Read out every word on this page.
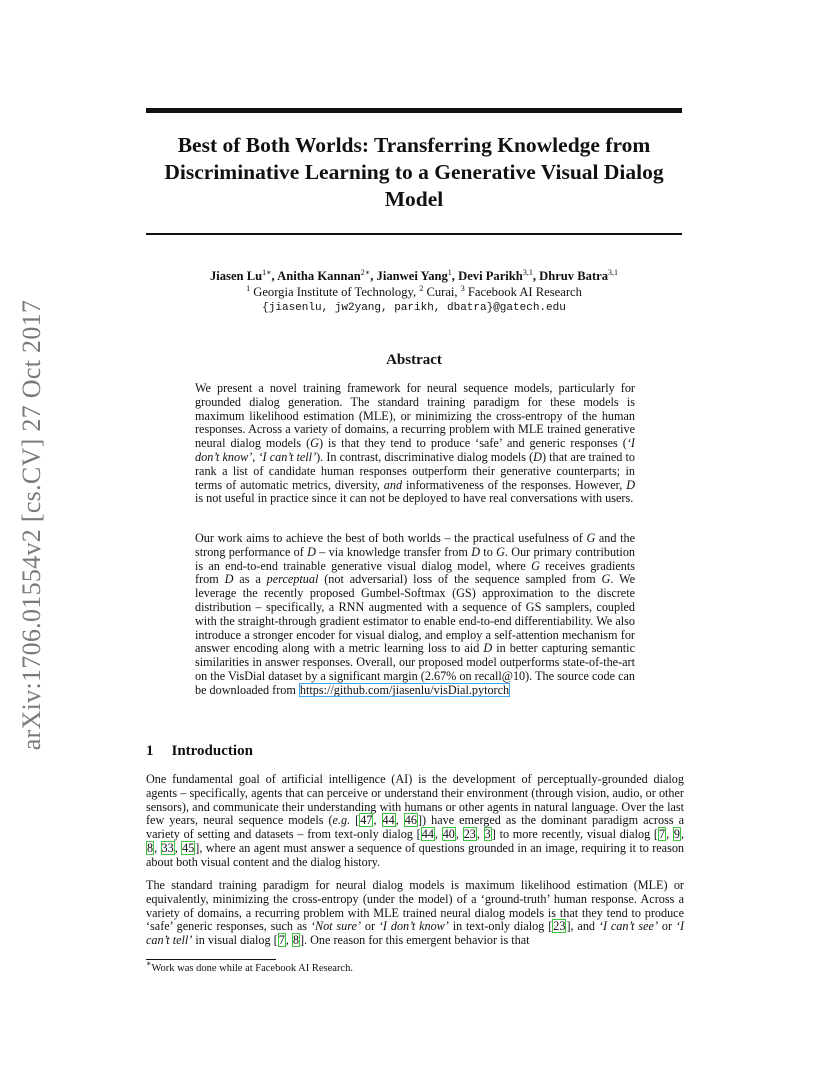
arXiv:1706.01554v2 [cs.CV] 27 Oct 2017
Best of Both Worlds: Transferring Knowledge from Discriminative Learning to a Generative Visual Dialog Model
Jiasen $Lu^{1∗}$, Anitha Kannan$^{2∗}$, Jianwei Yang$^1$, Devi Parikh$^{3,1}$, Dhruv Batra$^{3,1}$
$^1$ Georgia Institute of Technology, $^2$ Curai, $^3$ Facebook AI Research
{jiasenlu, jw2yang, parikh, dbatra}@gatech.edu
Abstract

We present a novel training framework for neural sequence models, particularly for grounded dialog generation. The standard training paradigm for these models is maximum likelihood estimation (MLE), or minimizing the cross-entropy of the human responses. Across a variety of domains, a recurring problem with MLE trained generative neural dialog models (G) is that they tend to produce ‘safe’ and generic responses (‘I don’t know’, ‘I can’t tell’). In contrast, discriminative dialog models (D) that are trained to rank a list of candidate human responses outperform their generative counterparts; in terms of automatic metrics, diversity, and informativeness of the responses. However, D is not useful in practice since it can not be deployed to have real conversations with users.

Our work aims to achieve the best of both worlds – the practical usefulness of G and the strong performance of D – via knowledge transfer from D to G. Our primary contribution is an end-to-end trainable generative visual dialog model, where G receives gradients from D as a perceptual (not adversarial) loss of the sequence sampled from G. We leverage the recently proposed Gumbel-Softmax (GS) approximation to the discrete distribution – specifically, a RNN augmented with a sequence of GS samplers, coupled with the straight-through gradient estimator to enable end-to-end differentiability. We also introduce a stronger encoder for visual dialog, and employ a self-attention mechanism for answer encoding along with a metric learning loss to aid D in better capturing semantic similarities in answer responses. Overall, our proposed model outperforms state-of-the-art on the VisDial dataset by a significant margin (2.67% on recall@10). The source code can be downloaded from https://github.com/jiasenlu/visDial.pytorch

1 Introduction

One fundamental goal of artificial intelligence (AI) is the development of perceptually-grounded dialog agents – specifically, agents that can perceive or understand their environment (through vision, audio, or other sensors), and communicate their understanding with humans or other agents in natural language. Over the last few years, neural sequence models (e.g. [47, 44, 46]) have emerged as the dominant paradigm across a variety of setting and datasets – from text-only dialog [44, 40, 23, 3] to more recently, visual dialog [7, 9, 8, 33, 45], where an agent must answer a sequence of questions grounded in an image, requiring it to reason about both visual content and the dialog history.

The standard training paradigm for neural dialog models is maximum likelihood estimation (MLE) or equivalently, minimizing the cross-entropy (under the model) of a ‘ground-truth’ human response. Across a variety of domains, a recurring problem with MLE trained neural dialog models is that they tend to produce ‘safe’ generic responses, such as ‘Not sure’ or ‘I don’t know’ in text-only dialog [23], and ‘I can’t see’ or ‘I can’t tell’ in visual dialog [7, 8]. One reason for this emergent behavior is that

∗Work was done while at Facebook AI Research.
